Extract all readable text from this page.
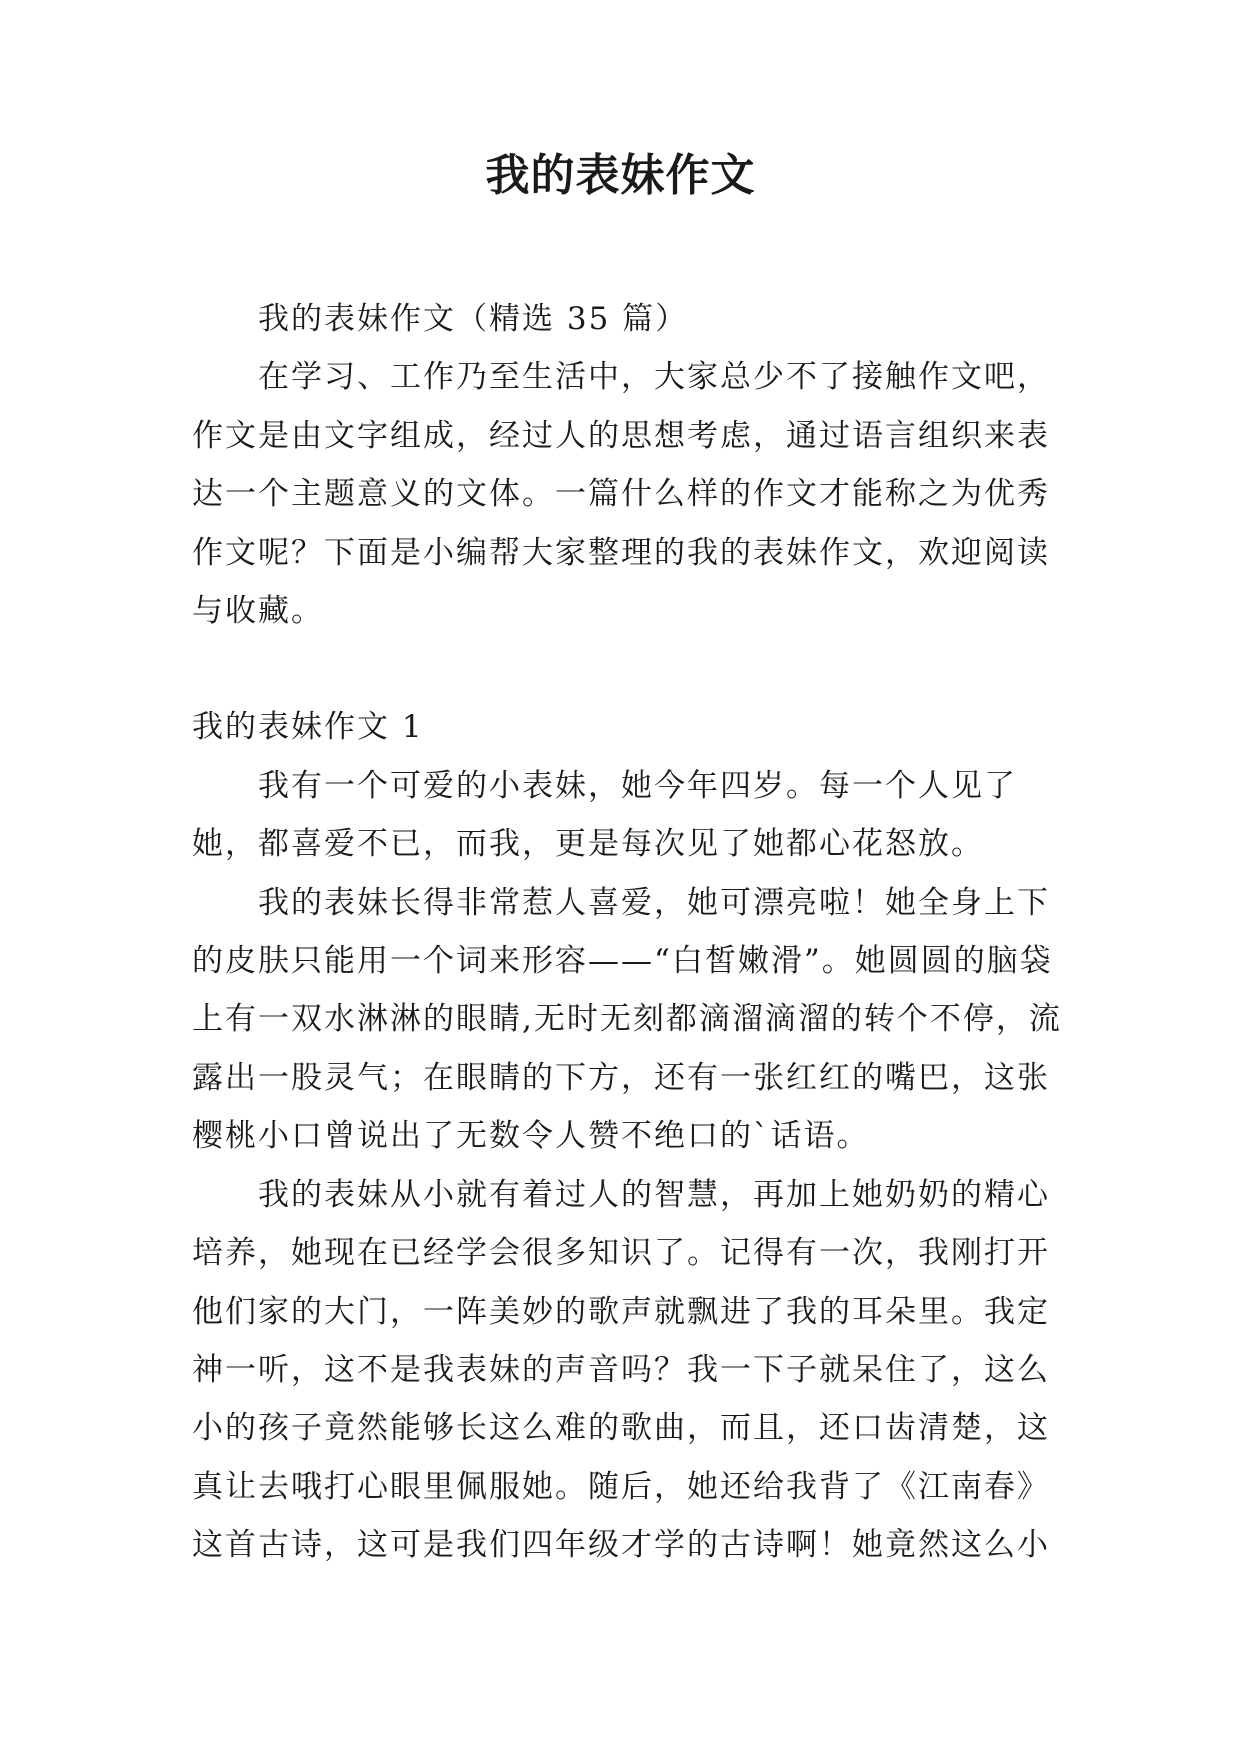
我的表妹作文

我的表妹作文（精选 35 篇）

在学习、工作乃至生活中，大家总少不了接触作文吧，作文是由文字组成，经过人的思想考虑，通过语言组织来表达一个主题意义的文体。一篇什么样的作文才能称之为优秀作文呢？下面是小编帮大家整理的我的表妹作文，欢迎阅读与收藏。

我的表妹作文 1

我有一个可爱的小表妹，她今年四岁。每一个人见了她，都喜爱不已，而我，更是每次见了她都心花怒放。

我的表妹长得非常惹人喜爱，她可漂亮啦！她全身上下的皮肤只能用一个词来形容——“白皙嫩滑”。她圆圆的脑袋上有一双水淋淋的眼睛,无时无刻都滴溜滴溜的转个不停，流露出一股灵气；在眼睛的下方，还有一张红红的嘴巴，这张樱桃小口曾说出了无数令人赞不绝口的`话语。

我的表妹从小就有着过人的智慧，再加上她奶奶的精心培养，她现在已经学会很多知识了。记得有一次，我刚打开他们家的大门，一阵美妙的歌声就飘进了我的耳朵里。我定神一听，这不是我表妹的声音吗？我一下子就呆住了，这么小的孩子竟然能够长这么难的歌曲，而且，还口齿清楚，这真让去哦打心眼里佩服她。随后，她还给我背了《江南春》这首古诗，这可是我们四年级才学的古诗啊！她竟然这么小
